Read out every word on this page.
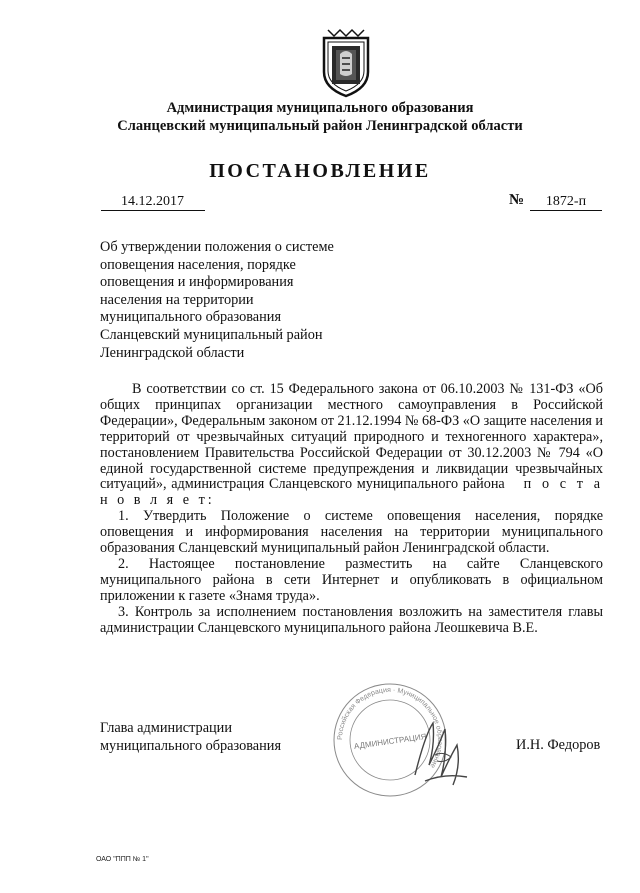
Администрация муниципального образования
Сланцевский муниципальный район Ленинградской области
ПОСТАНОВЛЕНИЕ
14.12.2017	№	1872-п
Об утверждении положения о системе
оповещения населения, порядке
оповещения и информирования
населения на территории
муниципального образования
Сланцевский муниципальный район
Ленинградской области

В соответствии со ст. 15 Федерального закона от 06.10.2003 № 131-ФЗ «Об общих принципах организации местного самоуправления в Российской Федерации», Федеральным законом от 21.12.1994 № 68-ФЗ «О защите населения и территорий от чрезвычайных ситуаций природного и техногенного характера», постановлением Правительства Российской Федерации от 30.12.2003 № 794 «О единой государственной системе предупреждения и ликвидации чрезвычайных ситуаций», администрация Сланцевского муниципального района п о с т а н о в л я е т:

1. Утвердить Положение о системе оповещения населения, порядке оповещения и информирования населения на территории муниципального образования Сланцевский муниципальный район Ленинградской области.

2. Настоящее постановление разместить на сайте Сланцевского муниципального района в сети Интернет и опубликовать в официальном приложении к газете «Знамя труда».

3. Контроль за исполнением постановления возложить на заместителя главы администрации Сланцевского муниципального района Леошкевича В.Е.

Российская Федерация · Муниципальное образование
АДМИНИСТРАЦИЯ
Глава администрации
муниципального образования	И.Н. Федоров
ОАО "ППП № 1"
